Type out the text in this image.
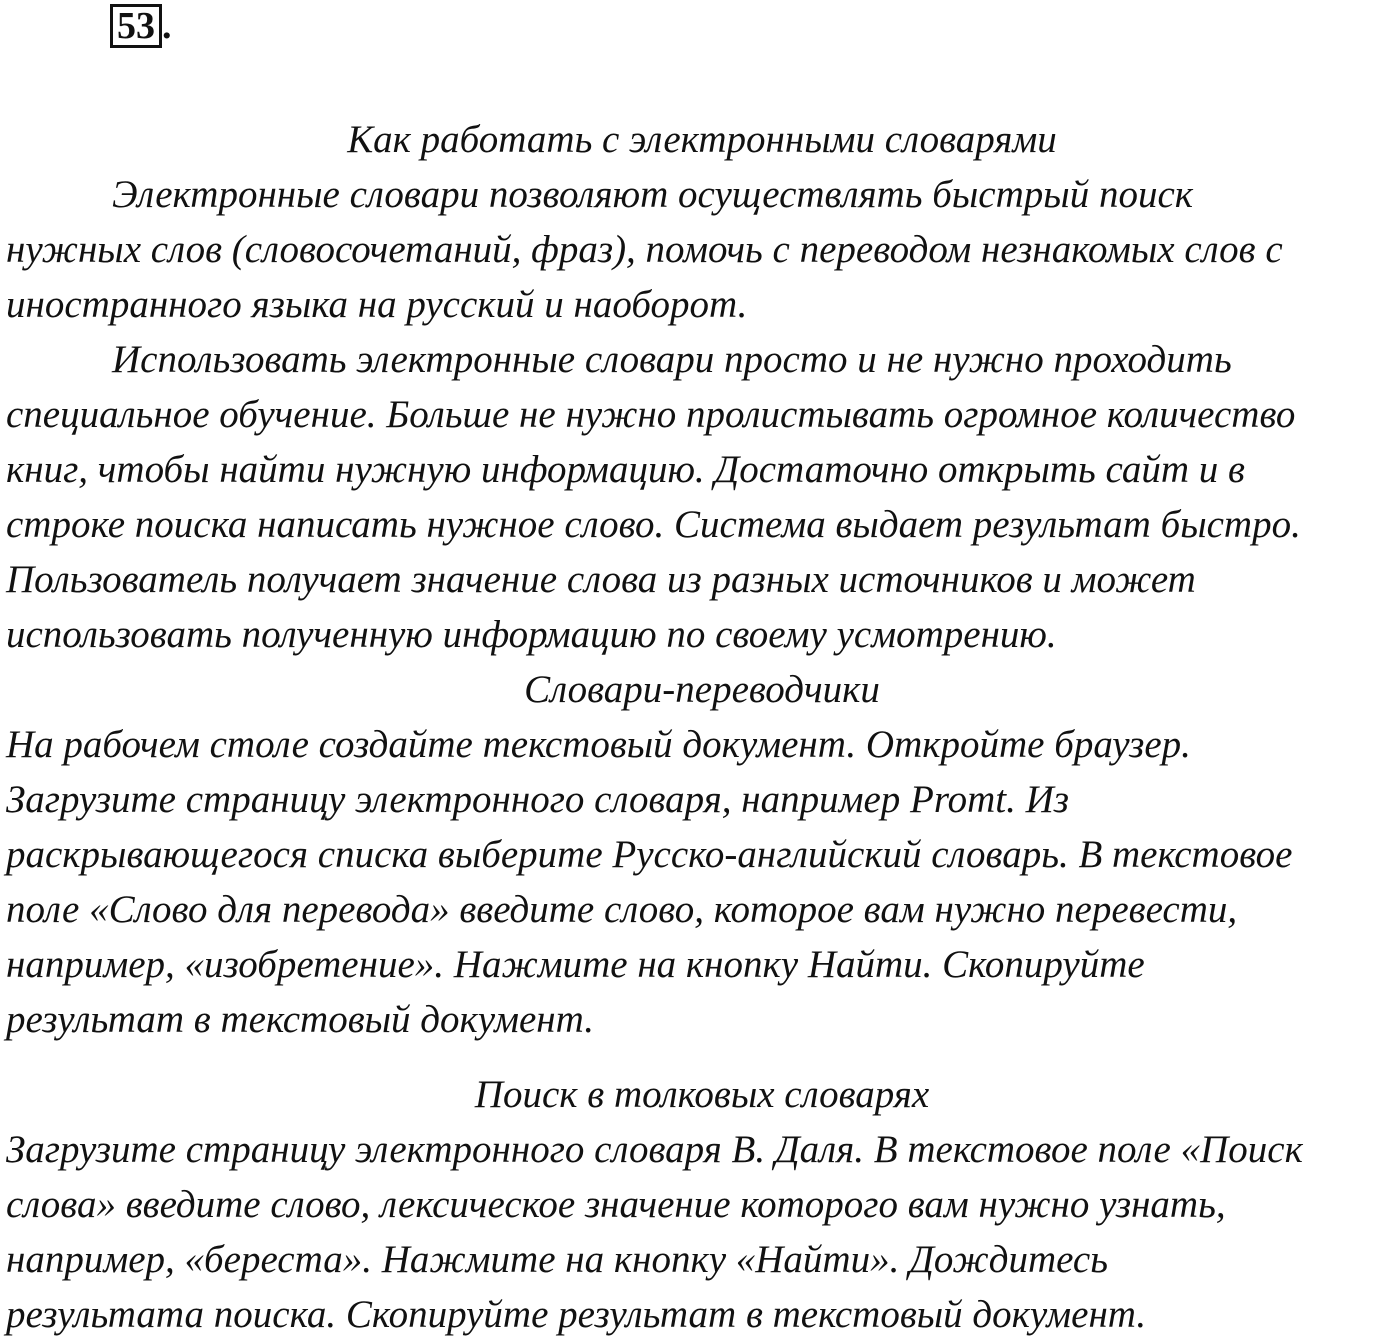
53 .
Как работать с электронными словарями
Электронные словари позволяют осуществлять быстрый поиск
нужных слов (словосочетаний, фраз), помочь с переводом незнакомых слов с
иностранного языка на русский и наоборот.
Использовать электронные словари просто и не нужно проходить
специальное обучение. Больше не нужно пролистывать огромное количество
книг, чтобы найти нужную информацию. Достаточно открыть сайт и в
строке поиска написать нужное слово. Система выдает результат быстро.
Пользователь получает значение слова из разных источников и может
использовать полученную информацию по своему усмотрению.
Словари-переводчики
На рабочем столе создайте текстовый документ. Откройте браузер.
Загрузите страницу электронного словаря, например Promt. Из
раскрывающегося списка выберите Русско-английский словарь. В текстовое
поле «Слово для перевода» введите слово, которое вам нужно перевести,
например, «изобретение». Нажмите на кнопку Найти. Скопируйте
результат в текстовый документ.
Поиск в толковых словарях
Загрузите страницу электронного словаря В. Даля. В текстовое поле «Поиск
слова» введите слово, лексическое значение которого вам нужно узнать,
например, «береста». Нажмите на кнопку «Найти». Дождитесь
результата поиска. Скопируйте результат в текстовый документ.
